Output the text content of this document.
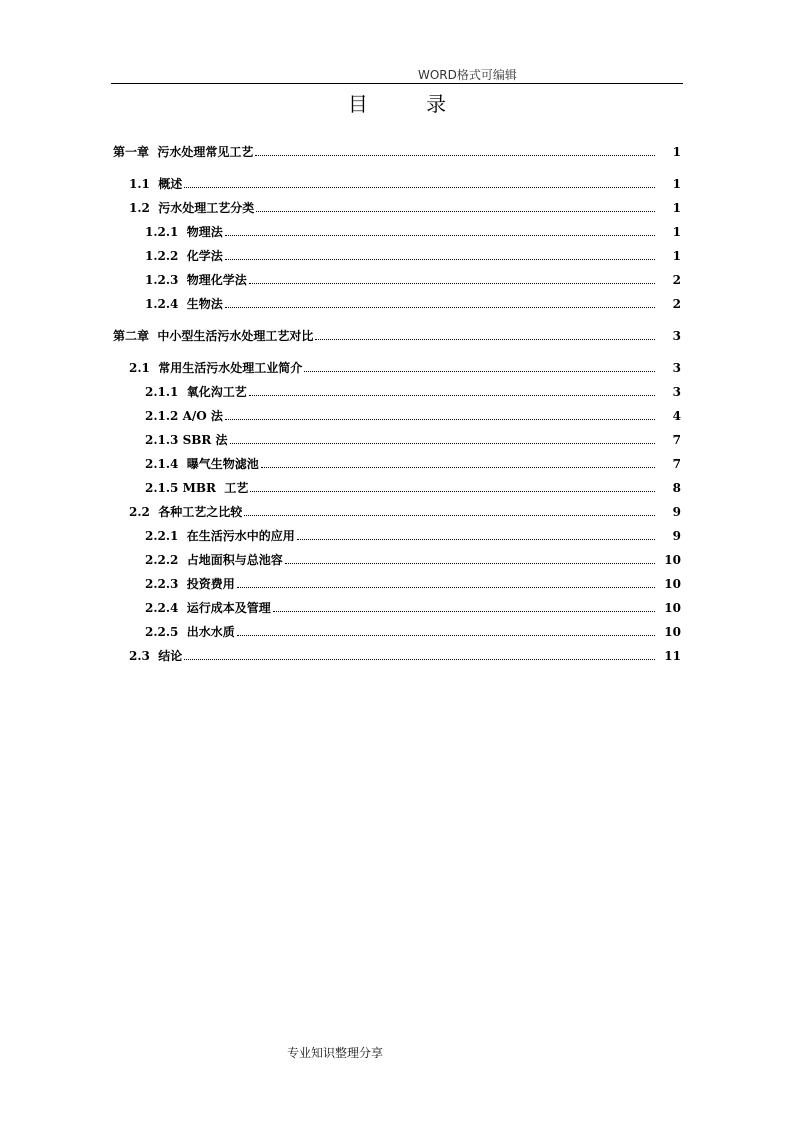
WORD格式可编辑
目 录
第一章  污水处理常见工艺	1
1.1  概述	1
1.2  污水处理工艺分类	1
1.2.1  物理法	1
1.2.2  化学法	1
1.2.3  物理化学法	2
1.2.4  生物法	2
第二章  中小型生活污水处理工艺对比	3
2.1  常用生活污水处理工业简介	3
2.1.1  氧化沟工艺	3
2.1.2 A/O 法	4
2.1.3 SBR 法	7
2.1.4  曝气生物滤池	7
2.1.5 MBR  工艺	8
2.2  各种工艺之比较	9
2.2.1  在生活污水中的应用	9
2.2.2  占地面积与总池容	10
2.2.3  投资费用	10
2.2.4  运行成本及管理	10
2.2.5  出水水质	10
2.3  结论	11
专业知识整理分享
